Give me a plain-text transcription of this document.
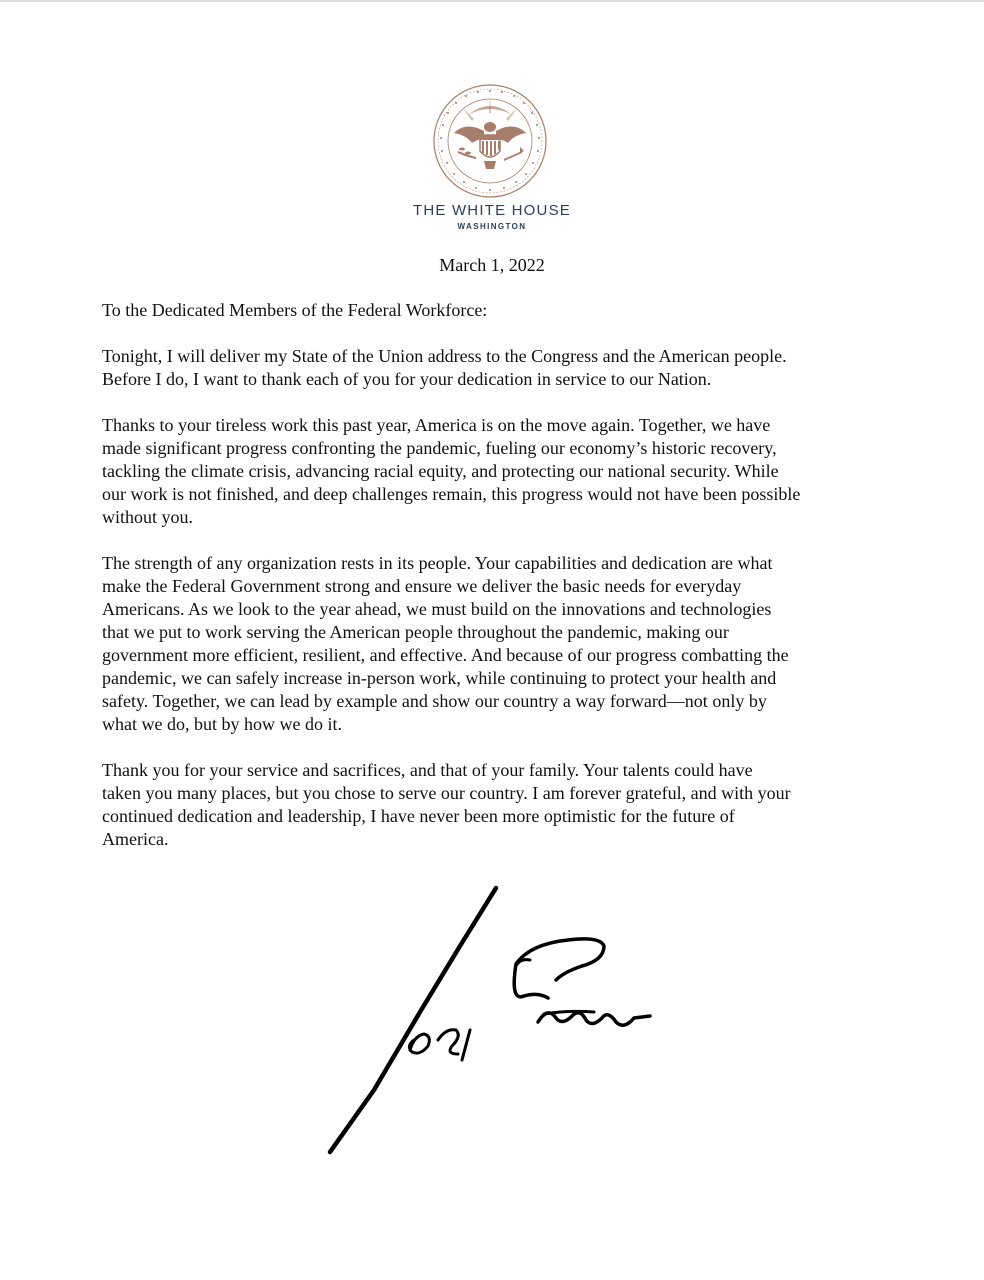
THE WHITE HOUSE
WASHINGTON
March 1, 2022

To the Dedicated Members of the Federal Workforce:

Tonight, I will deliver my State of the Union address to the Congress and the American people.
Before I do, I want to thank each of you for your dedication in service to our Nation.

Thanks to your tireless work this past year, America is on the move again. Together, we have
made significant progress confronting the pandemic, fueling our economy’s historic recovery,
tackling the climate crisis, advancing racial equity, and protecting our national security. While
our work is not finished, and deep challenges remain, this progress would not have been possible
without you.

The strength of any organization rests in its people. Your capabilities and dedication are what
make the Federal Government strong and ensure we deliver the basic needs for everyday
Americans. As we look to the year ahead, we must build on the innovations and technologies
that we put to work serving the American people throughout the pandemic, making our
government more efficient, resilient, and effective. And because of our progress combatting the
pandemic, we can safely increase in-person work, while continuing to protect your health and
safety. Together, we can lead by example and show our country a way forward—not only by
what we do, but by how we do it.

Thank you for your service and sacrifices, and that of your family. Your talents could have
taken you many places, but you chose to serve our country. I am forever grateful, and with your
continued dedication and leadership, I have never been more optimistic for the future of
America.
